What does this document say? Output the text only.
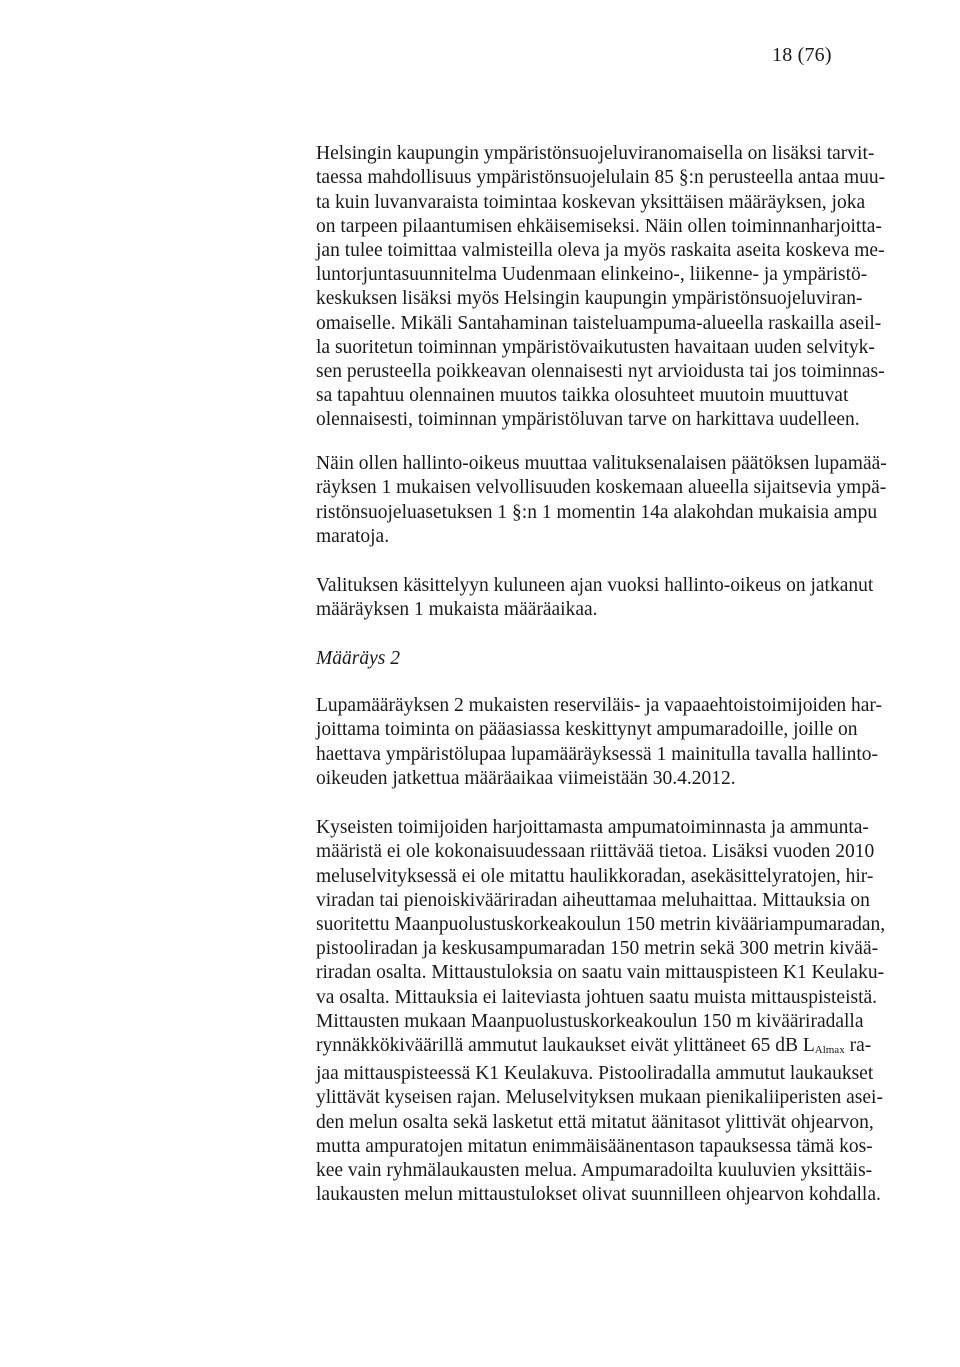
18 (76)

Helsingin kaupungin ympäristönsuojeluviranomaisella on lisäksi tarvit-
taessa mahdollisuus ympäristönsuojelulain 85 §:n perusteella antaa muu-
ta kuin luvanvaraista toimintaa koskevan yksittäisen määräyksen, joka
on tarpeen pilaantumisen ehkäisemiseksi. Näin ollen toiminnanharjoitta-
jan tulee toimittaa valmisteilla oleva ja myös raskaita aseita koskeva me-
luntorjuntasuunnitelma Uudenmaan elinkeino-, liikenne- ja ympäristö-
keskuksen lisäksi myös Helsingin kaupungin ympäristönsuojeluviran-
omaiselle. Mikäli Santahaminan taisteluampuma-alueella raskailla aseil-
la suoritetun toiminnan ympäristövaikutusten havaitaan uuden selvityk-
sen perusteella poikkeavan olennaisesti nyt arvioidusta tai jos toiminnas-
sa tapahtuu olennainen muutos taikka olosuhteet muutoin muuttuvat
olennaisesti, toiminnan ympäristöluvan tarve on harkittava uudelleen.

Näin ollen hallinto-oikeus muuttaa valituksenalaisen päätöksen lupamää-
räyksen 1 mukaisen velvollisuuden koskemaan alueella sijaitsevia ympä-
ristönsuojeluasetuksen 1 §:n 1 momentin 14a alakohdan mukaisia ampu
maratoja.

Valituksen käsittelyyn kuluneen ajan vuoksi hallinto-oikeus on jatkanut
määräyksen 1 mukaista määräaikaa.

Määräys 2

Lupamääräyksen 2 mukaisten reserviläis- ja vapaaehtoistoimijoiden har-
joittama toiminta on pääasiassa keskittynyt ampumaradoille, joille on
haettava ympäristölupaa lupamääräyksessä 1 mainitulla tavalla hallinto-
oikeuden jatkettua määräaikaa viimeistään 30.4.2012.

Kyseisten toimijoiden harjoittamasta ampumatoiminnasta ja ammunta-
määristä ei ole kokonaisuudessaan riittävää tietoa. Lisäksi vuoden 2010
meluselvityksessä ei ole mitattu haulikkoradan, asekäsittelyratojen, hir-
viradan tai pienoiskivääriradan aiheuttamaa meluhaittaa. Mittauksia on
suoritettu Maanpuolustuskorkeakoulun 150 metrin kivääriampumaradan,
pistooliradan ja keskusampumaradan 150 metrin sekä 300 metrin kivää-
riradan osalta. Mittaustuloksia on saatu vain mittauspisteen K1 Keulaku-
va osalta. Mittauksia ei laiteviasta johtuen saatu muista mittauspisteistä.
Mittausten mukaan Maanpuolustuskorkeakoulun 150 m kivääriradalla
rynnäkkökiväärillä ammutut laukaukset eivät ylittäneet 65 dB $L_{Almax}$ ra-
jaa mittauspisteessä K1 Keulakuva. Pistooliradalla ammutut laukaukset
ylittävät kyseisen rajan. Meluselvityksen mukaan pienikaliiperisten asei-
den melun osalta sekä lasketut että mitatut äänitasot ylittivät ohjearvon,
mutta ampuratojen mitatun enimmäisäänentason tapauksessa tämä kos-
kee vain ryhmälaukausten melua. Ampumaradoilta kuuluvien yksittäis-
laukausten melun mittaustulokset olivat suunnilleen ohjearvon kohdalla.
